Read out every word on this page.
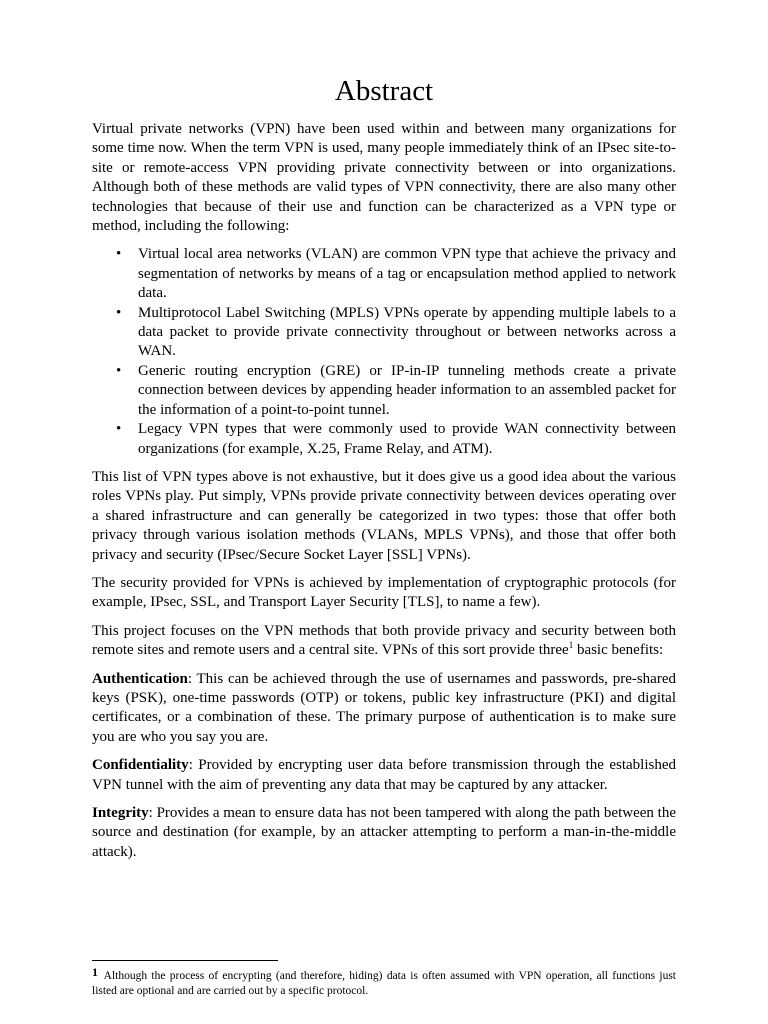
Abstract

Virtual private networks (VPN) have been used within and between many organizations for some time now. When the term VPN is used, many people immediately think of an IPsec site-to-site or remote-access VPN providing private connectivity between or into organizations. Although both of these methods are valid types of VPN connectivity, there are also many other technologies that because of their use and function can be characterized as a VPN type or method, including the following:

• Virtual local area networks (VLAN) are common VPN type that achieve the privacy and segmentation of networks by means of a tag or encapsulation method applied to network data.
• Multiprotocol Label Switching (MPLS) VPNs operate by appending multiple labels to a data packet to provide private connectivity throughout or between networks across a WAN.
• Generic routing encryption (GRE) or IP-in-IP tunneling methods create a private connection between devices by appending header information to an assembled packet for the information of a point-to-point tunnel.
• Legacy VPN types that were commonly used to provide WAN connectivity between organizations (for example, X.25, Frame Relay, and ATM).

This list of VPN types above is not exhaustive, but it does give us a good idea about the various roles VPNs play. Put simply, VPNs provide private connectivity between devices operating over a shared infrastructure and can generally be categorized in two types: those that offer both privacy through various isolation methods (VLANs, MPLS VPNs), and those that offer both privacy and security (IPsec/Secure Socket Layer [SSL] VPNs).

The security provided for VPNs is achieved by implementation of cryptographic protocols (for example, IPsec, SSL, and Transport Layer Security [TLS], to name a few).

This project focuses on the VPN methods that both provide privacy and security between both remote sites and remote users and a central site. VPNs of this sort provide three$^1$ basic benefits:

Authentication: This can be achieved through the use of usernames and passwords, pre-shared keys (PSK), one-time passwords (OTP) or tokens, public key infrastructure (PKI) and digital certificates, or a combination of these. The primary purpose of authentication is to make sure you are who you say you are.

Confidentiality: Provided by encrypting user data before transmission through the established VPN tunnel with the aim of preventing any data that may be captured by any attacker.

Integrity: Provides a mean to ensure data has not been tampered with along the path between the source and destination (for example, by an attacker attempting to perform a man-in-the-middle attack).

1 Although the process of encrypting (and therefore, hiding) data is often assumed with VPN operation, all functions just listed are optional and are carried out by a specific protocol.
